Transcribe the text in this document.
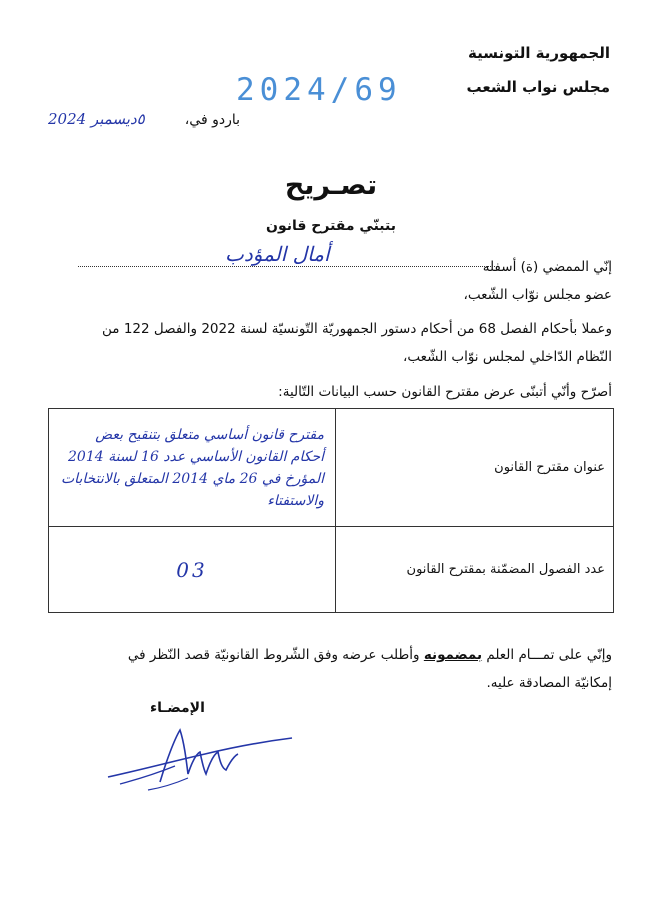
الجمهورية التونسية
مجلس نواب الشعب
2024/69
باردو في،
٥ديسمبر 2024
تصـريح
بتبنّي مقترح قانون
إنّي الممضي (ة) أسفله
أمال المؤدب
عضو مجلس نوّاب الشّعب،
وعملا بأحكام الفصل 68 من أحكام دستور الجمهوريّة التّونسيّة لسنة 2022 والفصل 122 من
النّظام الدّاخلي لمجلس نوّاب الشّعب،
أصرّح وأنّي أتبنّى عرض مقترح القانون حسب البيانات التّالية:
عنوان مقترح القانون	مقترح قانون أساسي متعلق بتنقيح بعض
أحكام القانون الأساسي عدد 16 لسنة 2014
المؤرخ في 26 ماي 2014 المتعلق بالانتخابات
والاستفتاء

عدد الفصول المضمّنة بمقترح القانون	03
وإنّي على تمـــام العلم بمضمونه وأطلب عرضه وفق الشّروط القانونيّة قصد النّظر في
إمكانيّة المصادقة عليه.
الإمضـاء
